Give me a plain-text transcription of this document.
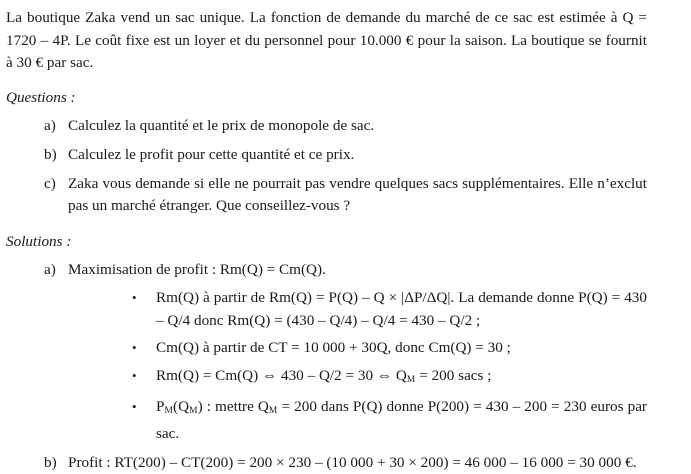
La boutique Zaka vend un sac unique. La fonction de demande du marché de ce sac est estimée à Q = 1720 – 4P. Le coût fixe est un loyer et du personnel pour 10.000 € pour la saison. La boutique se fournit à 30 € par sac.

Questions :

a) Calculez la quantité et le prix de monopole de sac.
b) Calculez le profit pour cette quantité et ce prix.
c) Zaka vous demande si elle ne pourrait pas vendre quelques sacs supplémentaires. Elle n’exclut pas un marché étranger. Que conseillez-vous ?

Solutions :

a) Maximisation de profit : Rm(Q) = Cm(Q).
• Rm(Q) à partir de Rm(Q) = P(Q) – Q × |ΔP/ΔQ|. La demande donne P(Q) = 430 – Q/4 donc Rm(Q) = (430 – Q/4) – Q/4 = 430 – Q/2 ;
• Cm(Q) à partir de CT = 10 000 + 30Q, donc Cm(Q) = 30 ;
• Rm(Q) = Cm(Q) ⇔ 430 – Q/2 = 30 ⇔ $Q_M = 200$ sacs ;
• $P_M(Q_M)$ : mettre $Q_M = 200$ dans P(Q) donne P(200) = 430 – 200 = 230 euros par sac.
b) Profit : RT(200) – CT(200) = 200 × 230 – (10 000 + 30 × 200) = 46 000 – 16 000 = 30 000 €.
